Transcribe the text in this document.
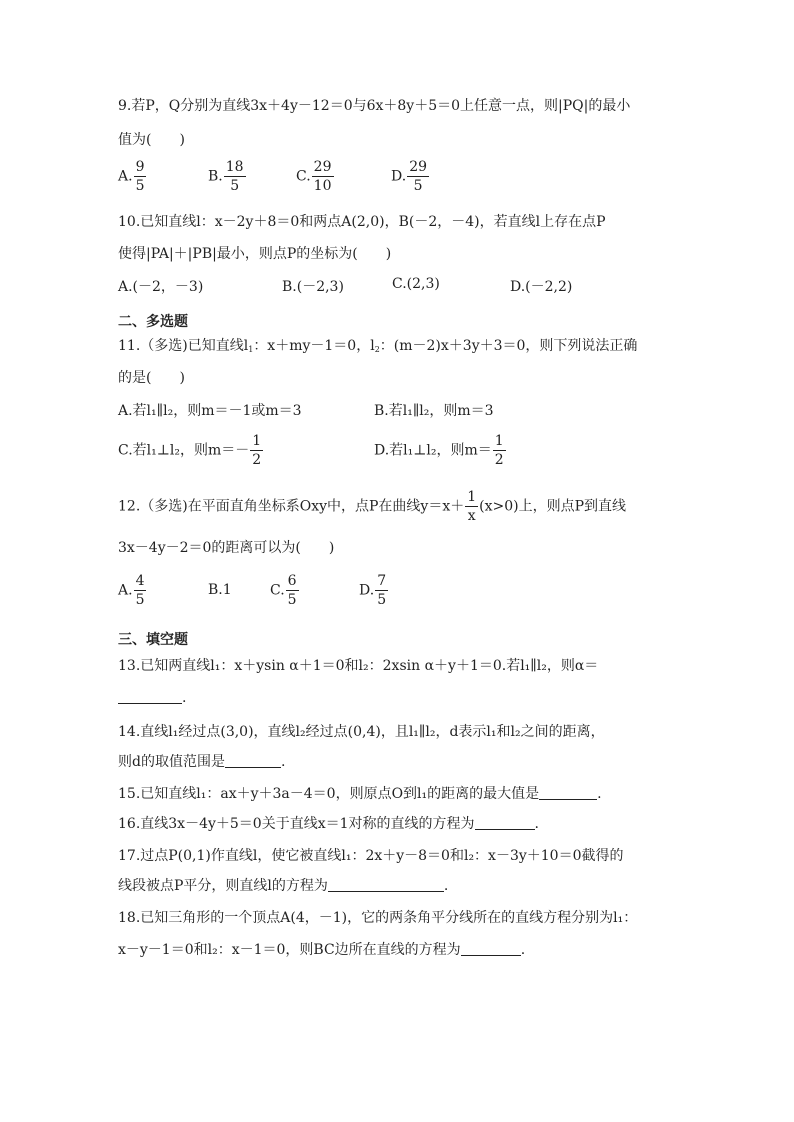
9.若P，Q分别为直线3x＋4y－12＝0与6x＋8y＋5＝0上任意一点，则|PQ|的最小
值为(　　)
A. $\frac{9}{5}$	B. $\frac{18}{5}$	C. $\frac{29}{10}$	D. $\frac{29}{5}$
10.已知直线l：x－2y＋8＝0和两点A(2,0)，B(－2，－4)，若直线l上存在点P
使得|PA|＋|PB|最小，则点P的坐标为(　　)
A.(－2，－3)	B.(－2,3)	C.(2,3)	D.(－2,2)
二、多选题
11.（多选)已知直线$l_1$：x＋my－1＝0，$l_2$：(m－2)x＋3y＋3＝0，则下列说法正确
的是(　　)
A.若l₁∥l₂，则m＝－1或m＝3	B.若l₁∥l₂，则m＝3
C.若l₁⊥l₂，则$m=- \frac{1}{2}$	D.若l₁⊥l₂，则$m= \frac{1}{2}$
12.（多选)在平面直角坐标系Oxy中，点P在曲线$y=x+ \frac{1}{x} (x>0)$上，则点P到直线
3x－4y－2＝0的距离可以为(　　)
A. $\frac{4}{5}$	B.1	C. $\frac{6}{5}$	D. $\frac{7}{5}$
三、填空题
13.已知两直线l₁：x＋ysin α＋1＝0和l₂：2xsin α＋y＋1＝0.若l₁∥l₂，则α＝
.
14.直线l₁经过点(3,0)，直线l₂经过点(0,4)，且l₁∥l₂，d表示l₁和l₂之间的距离，
则d的取值范围是	.
15.已知直线l₁：ax＋y＋3a－4＝0，则原点O到l₁的距离的最大值是	.
16.直线3x－4y＋5＝0关于直线x＝1对称的直线的方程为	.
17.过点P(0,1)作直线l，使它被直线l₁：2x＋y－8＝0和l₂：x－3y＋10＝0截得的
线段被点P平分，则直线l的方程为	.
18.已知三角形的一个顶点A(4，－1)，它的两条角平分线所在的直线方程分别为l₁：
x－y－1＝0和l₂：x－1＝0，则BC边所在直线的方程为	.
